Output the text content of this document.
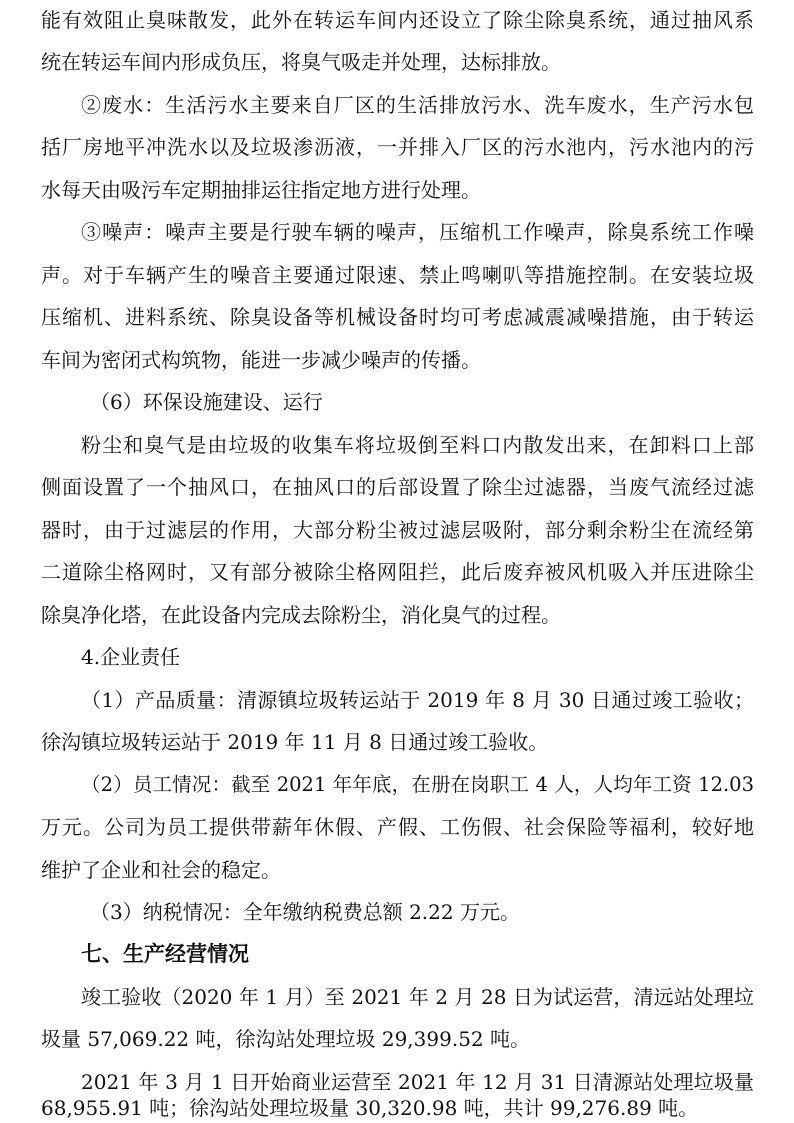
能有效阻止臭味散发，此外在转运车间内还设立了除尘除臭系统，通过抽风系

统在转运车间内形成负压，将臭气吸走并处理，达标排放。

②废水：生活污水主要来自厂区的生活排放污水、洗车废水，生产污水包

括厂房地平冲洗水以及垃圾渗沥液，一并排入厂区的污水池内，污水池内的污

水每天由吸污车定期抽排运往指定地方进行处理。

③噪声：噪声主要是行驶车辆的噪声，压缩机工作噪声，除臭系统工作噪

声。对于车辆产生的噪音主要通过限速、禁止鸣喇叭等措施控制。在安装垃圾

压缩机、进料系统、除臭设备等机械设备时均可考虑减震减噪措施，由于转运

车间为密闭式构筑物，能进一步减少噪声的传播。

（6）环保设施建设、运行

粉尘和臭气是由垃圾的收集车将垃圾倒至料口内散发出来，在卸料口上部

侧面设置了一个抽风口，在抽风口的后部设置了除尘过滤器，当废气流经过滤

器时，由于过滤层的作用，大部分粉尘被过滤层吸附，部分剩余粉尘在流经第

二道除尘格网时，又有部分被除尘格网阻拦，此后废弃被风机吸入并压进除尘

除臭净化塔，在此设备内完成去除粉尘，消化臭气的过程。

4.企业责任

（1）产品质量：清源镇垃圾转运站于 2019 年 8 月 30 日通过竣工验收；

徐沟镇垃圾转运站于 2019 年 11 月 8 日通过竣工验收。

（2）员工情况：截至 2021 年年底，在册在岗职工 4 人，人均年工资 12.03

万元。公司为员工提供带薪年休假、产假、工伤假、社会保险等福利，较好地

维护了企业和社会的稳定。

（3）纳税情况：全年缴纳税费总额 2.22 万元。

七、生产经营情况

竣工验收（2020 年 1 月）至 2021 年 2 月 28 日为试运营，清远站处理垃

圾量 57,069.22 吨，徐沟站处理垃圾 29,399.52 吨。

2021 年 3 月 1 日开始商业运营至 2021 年 12 月 31 日清源站处理垃圾量

68,955.91 吨；徐沟站处理垃圾量 30,320.98 吨，共计 99,276.89 吨。
